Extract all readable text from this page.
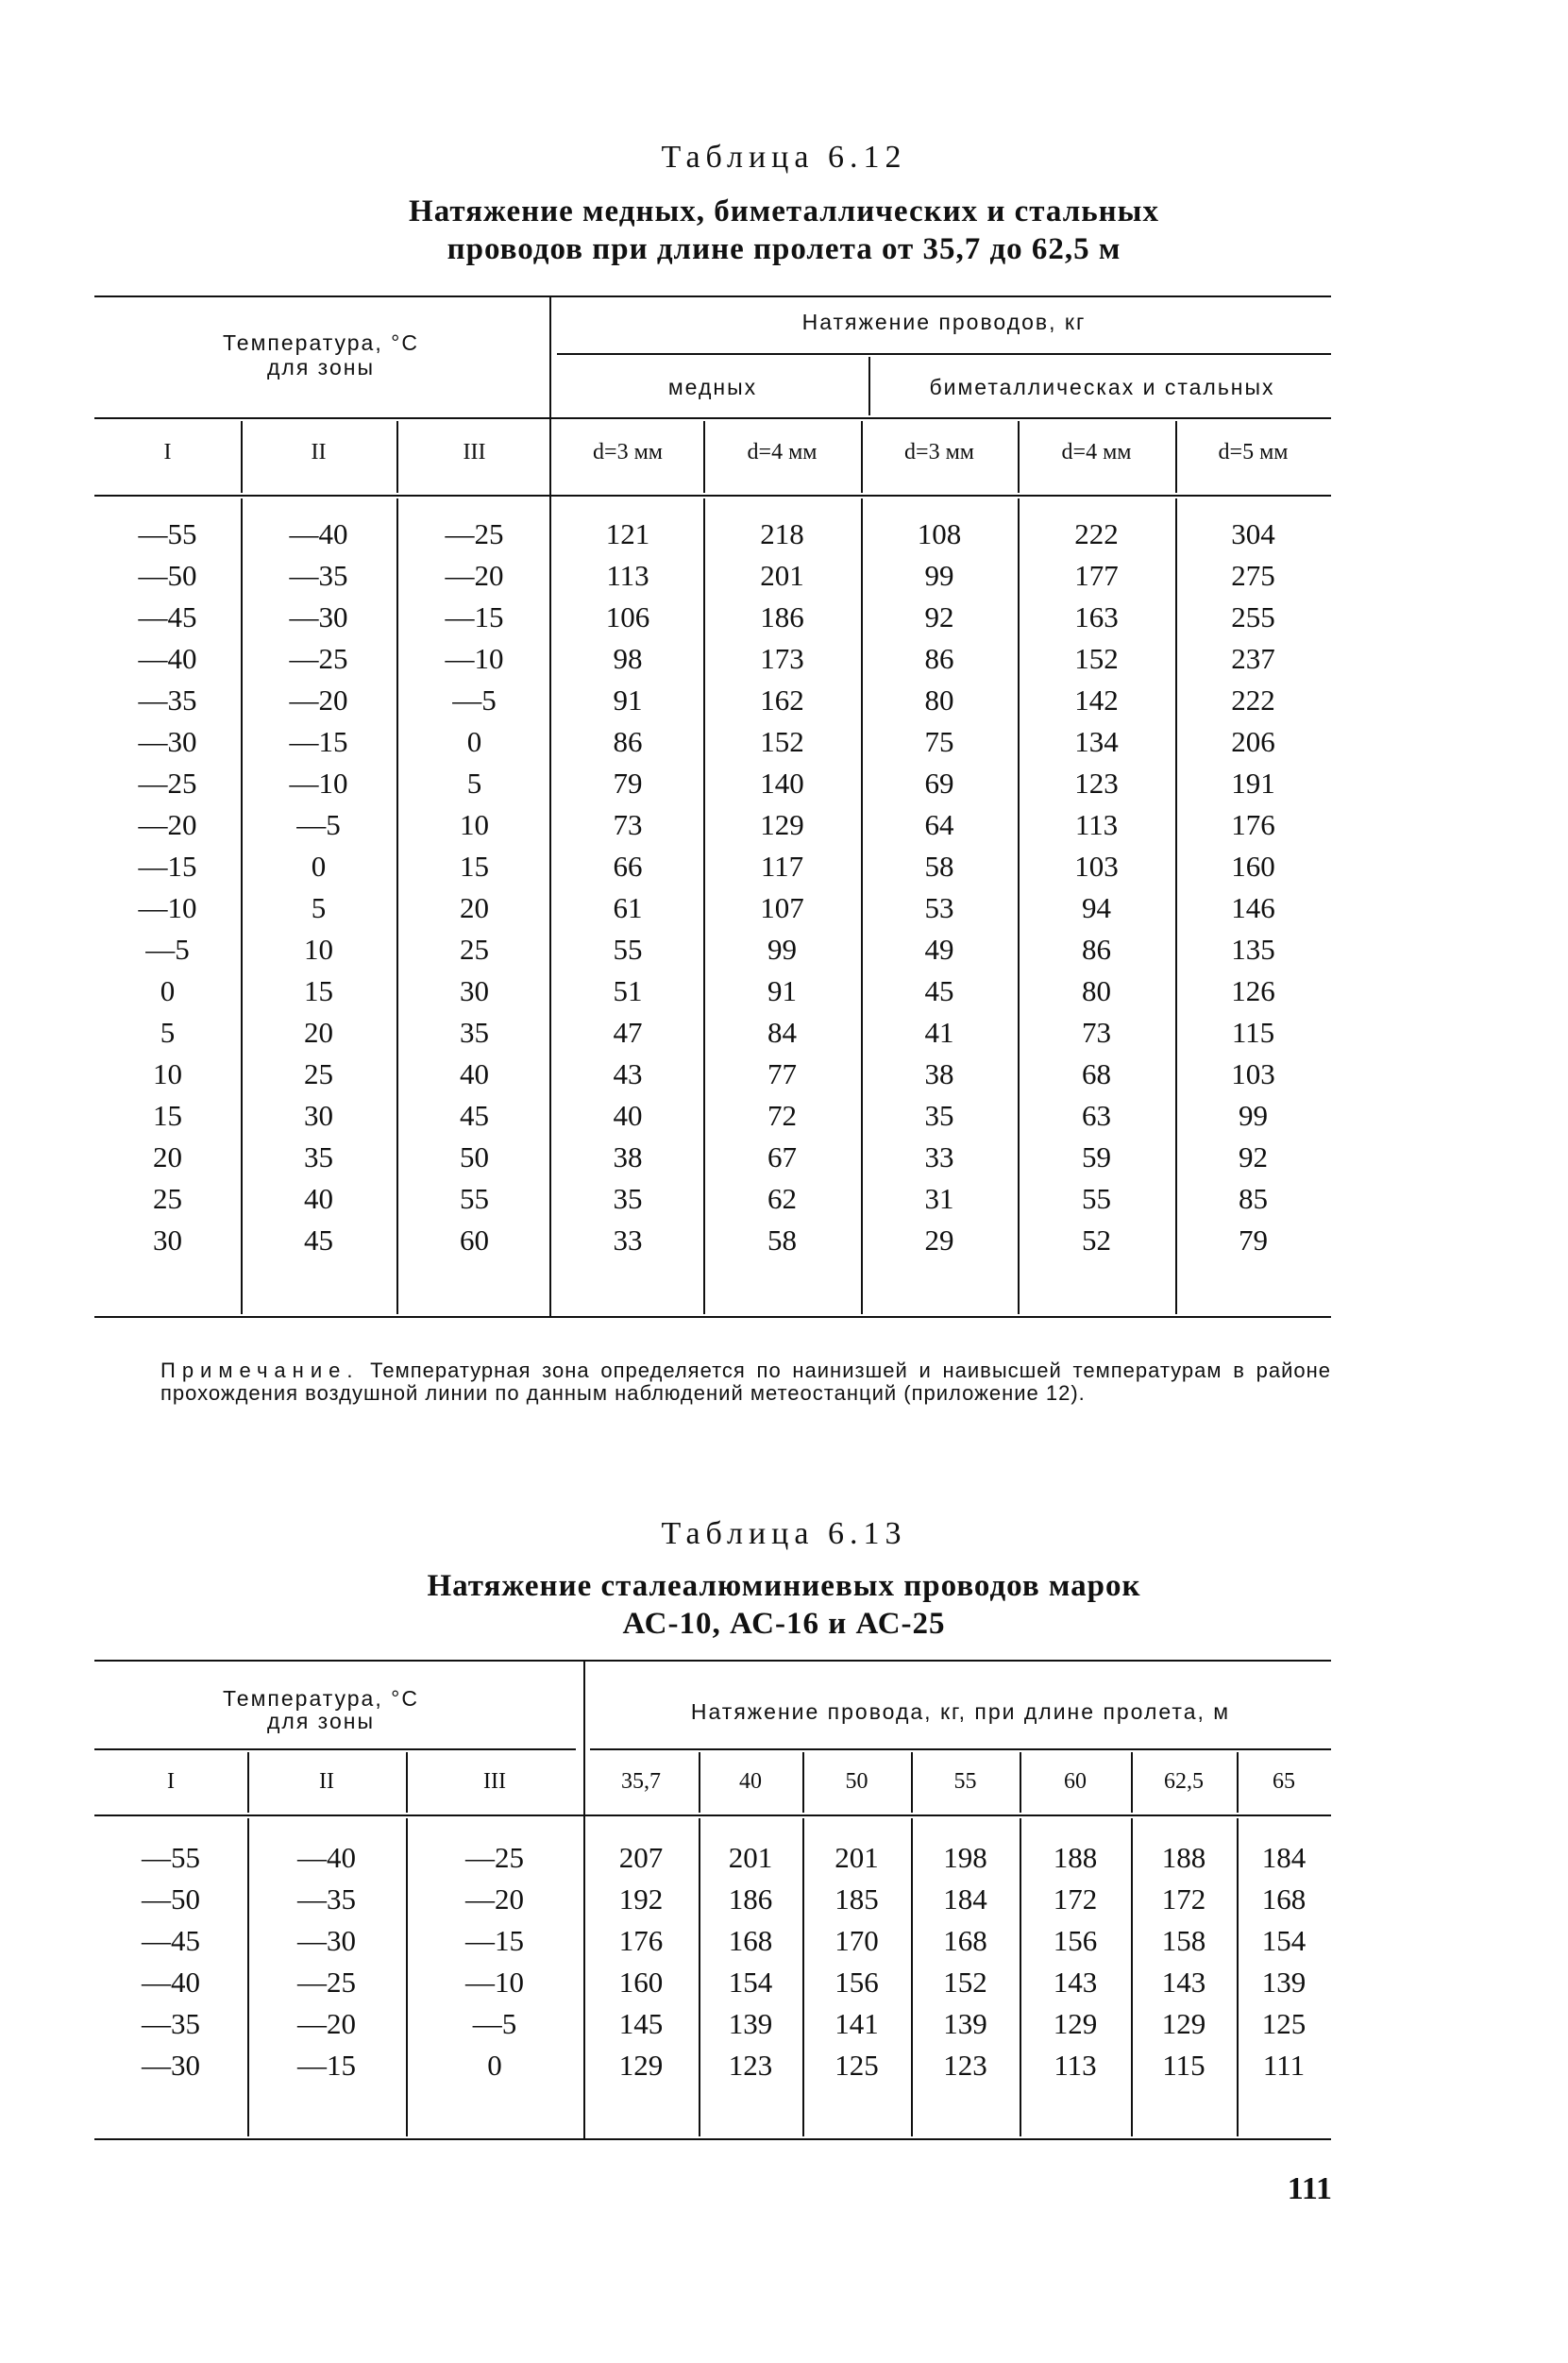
Таблица 6.12
Натяжение медных, биметаллических и стальных
проводов при длине пролета от 35,7 до 62,5 м
Температура, °С
для зоны
Натяжение проводов, кг
медных	биметаллическах и стальных
I	II	III	d=3 мм	d=4 мм	d=3 мм	d=4 мм	d=5 мм
—55	—40	—25	121	218	108	222	304
—50	—35	—20	113	201	99	177	275
—45	—30	—15	106	186	92	163	255
—40	—25	—10	98	173	86	152	237
—35	—20	—5	91	162	80	142	222
—30	—15	0	86	152	75	134	206
—25	—10	5	79	140	69	123	191
—20	—5	10	73	129	64	113	176
—15	0	15	66	117	58	103	160
—10	5	20	61	107	53	94	146
—5	10	25	55	99	49	86	135
0	15	30	51	91	45	80	126
5	20	35	47	84	41	73	115
10	25	40	43	77	38	68	103
15	30	45	40	72	35	63	99
20	35	50	38	67	33	59	92
25	40	55	35	62	31	55	85
30	45	60	33	58	29	52	79
Примечание. Температурная зона определяется по наинизшей и наивысшей температурам в районе прохождения воздушной линии по данным наблюдений метеостанций (приложение 12).
Таблица 6.13
Натяжение сталеалюминиевых проводов марок
АС-10, АС-16 и АС-25
Температура, °С
для зоны	Натяжение провода, кг, при длине пролета, м
I	II	III	35,7	40	50	55	60	62,5	65
—55	—40	—25	207	201	201	198	188	188	184
—50	—35	—20	192	186	185	184	172	172	168
—45	—30	—15	176	168	170	168	156	158	154
—40	—25	—10	160	154	156	152	143	143	139
—35	—20	—5	145	139	141	139	129	129	125
—30	—15	0	129	123	125	123	113	115	111
111
